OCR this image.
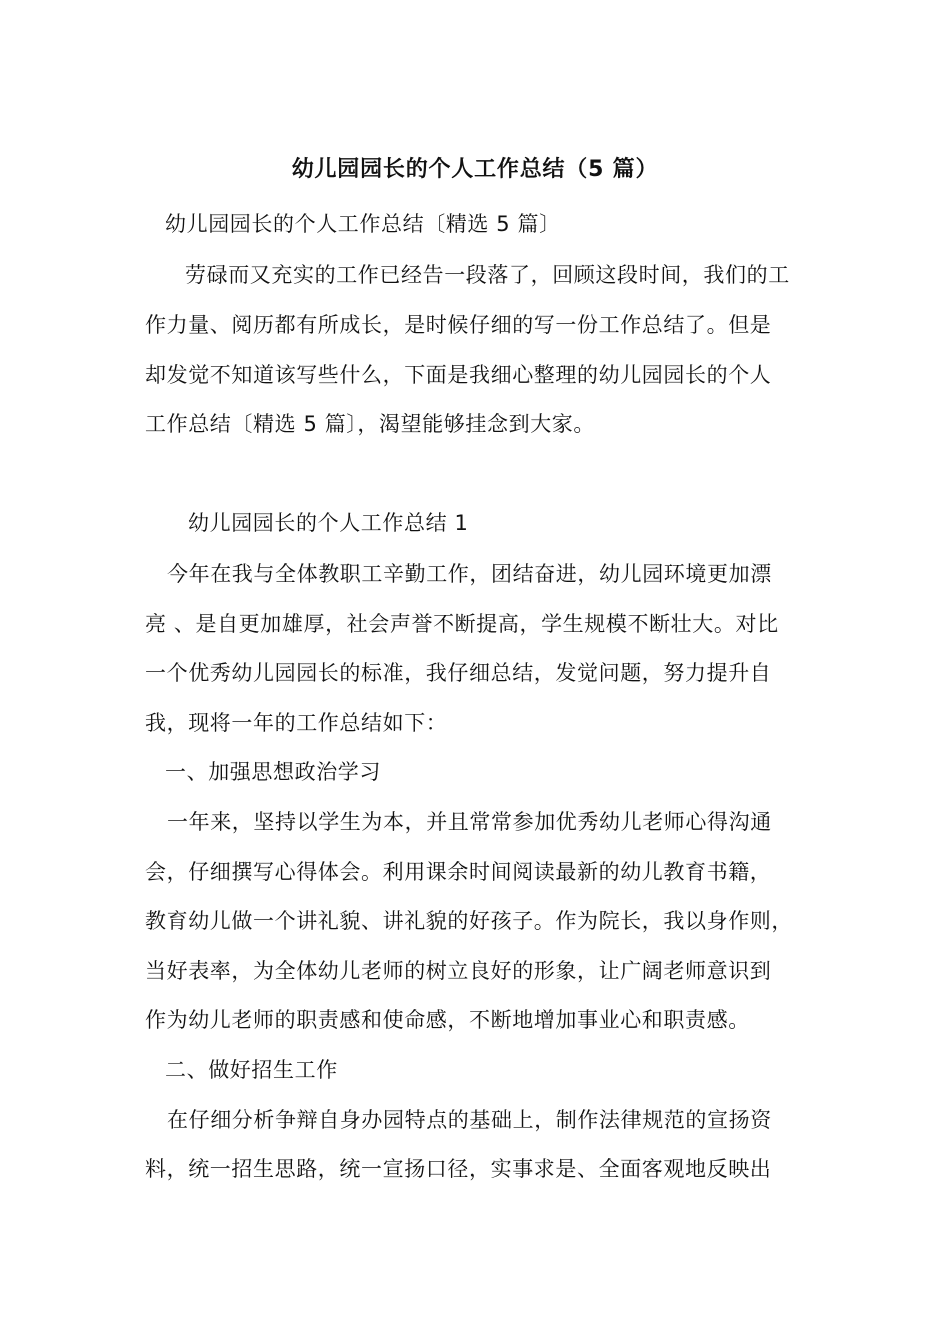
幼儿园园长的个人工作总结（5 篇）
幼儿园园长的个人工作总结〔精选 5 篇〕
劳碌而又充实的工作已经告一段落了，回顾这段时间，我们的工
作力量、阅历都有所成长，是时候仔细的写一份工作总结了。但是
却发觉不知道该写些什么，下面是我细心整理的幼儿园园长的个人
工作总结〔精选 5 篇〕，渴望能够挂念到大家。
幼儿园园长的个人工作总结 1
今年在我与全体教职工辛勤工作，团结奋进，幼儿园环境更加漂
亮 、是自更加雄厚，社会声誉不断提高，学生规模不断壮大。对比
一个优秀幼儿园园长的标准，我仔细总结，发觉问题，努力提升自
我，现将一年的工作总结如下：
一、加强思想政治学习
一年来，坚持以学生为本，并且常常参加优秀幼儿老师心得沟通
会，仔细撰写心得体会。利用课余时间阅读最新的幼儿教育书籍，
教育幼儿做一个讲礼貌、讲礼貌的好孩子。作为院长，我以身作则，
当好表率，为全体幼儿老师的树立良好的形象，让广阔老师意识到
作为幼儿老师的职责感和使命感，不断地增加事业心和职责感。
二、做好招生工作
在仔细分析争辩自身办园特点的基础上，制作法律规范的宣扬资
料，统一招生思路，统一宣扬口径，实事求是、全面客观地反映出
